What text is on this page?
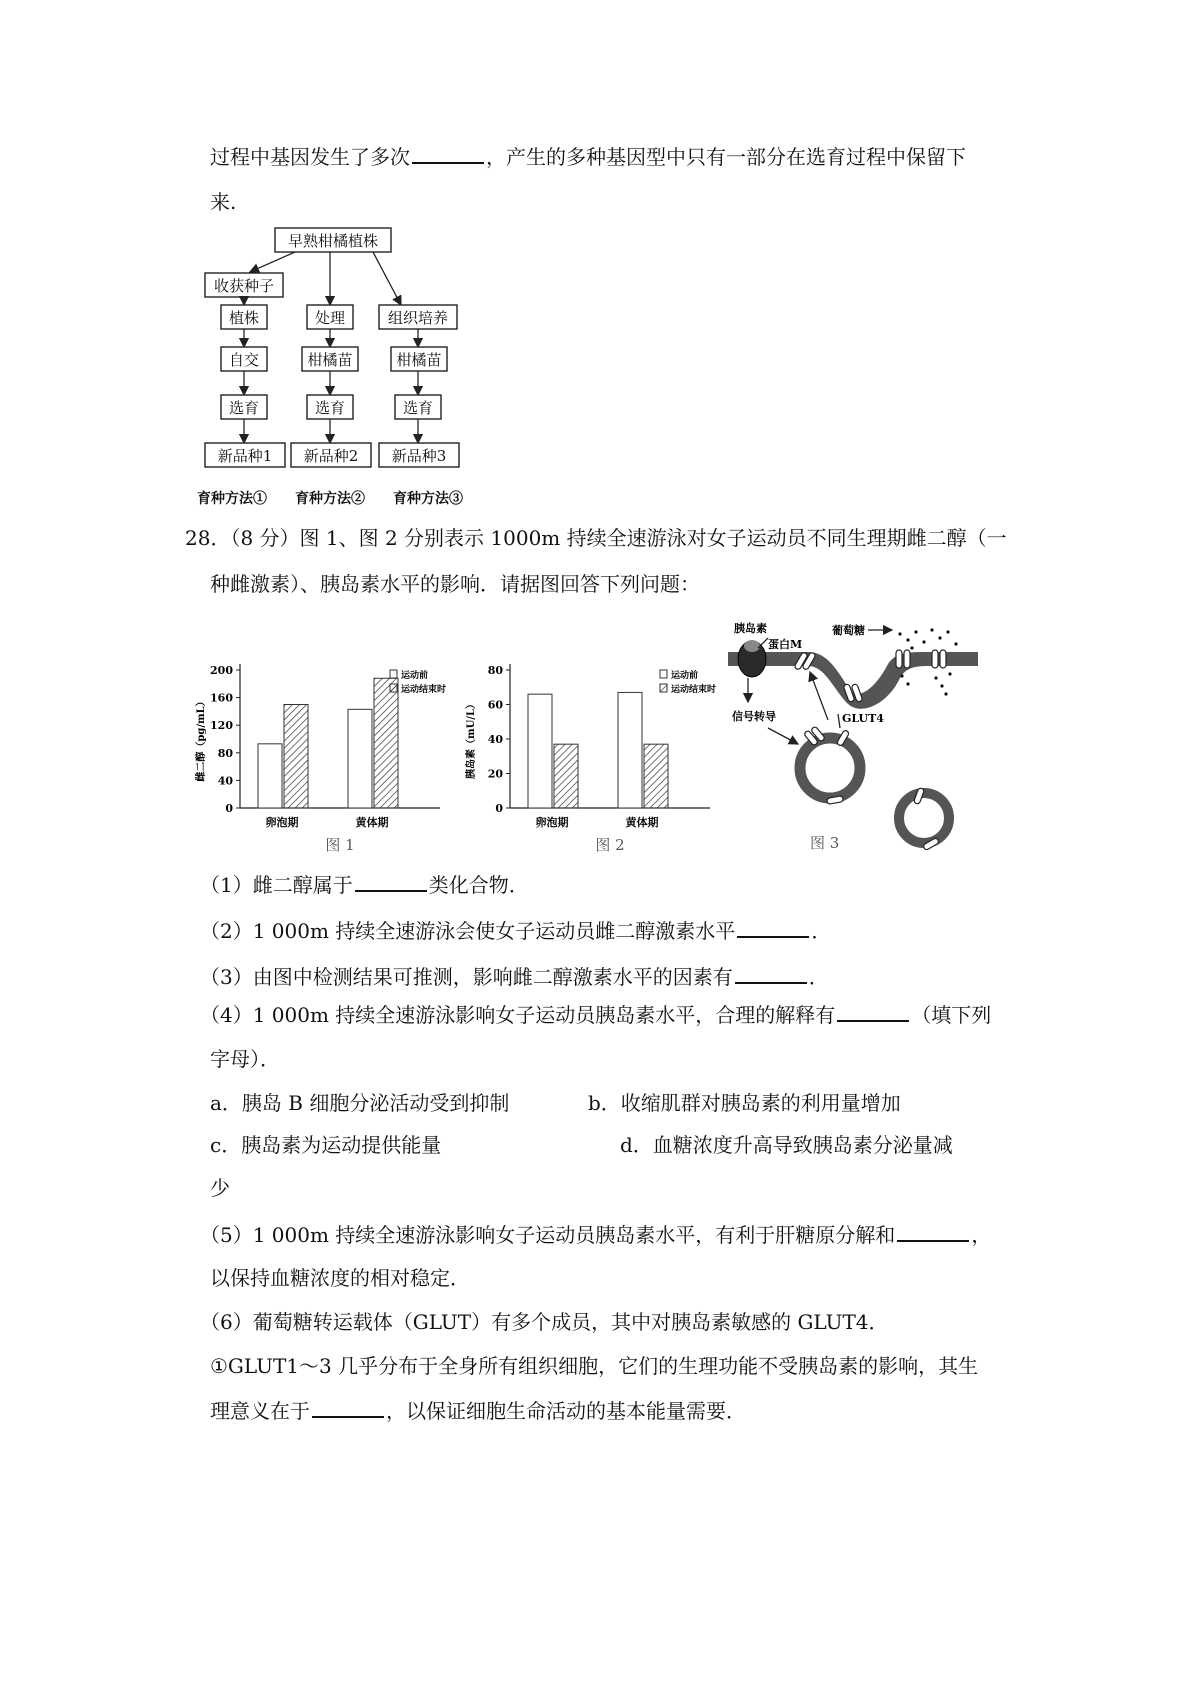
过程中基因发生了多次	，产生的多种基因型中只有一部分在选育过程中保留下
来.
早熟柑橘植株
收获种子
植株
自交
选育
新品种1
处理
柑橘苗
选育
新品种2
组织培养
柑橘苗
选育
新品种3
育种方法① 育种方法② 育种方法③
28．（8 分）图 1、图 2 分别表示 1000m 持续全速游泳对女子运动员不同生理期雌二醇（一
种雌激素）、胰岛素水平的影响．请据图回答下列问题：
0
40
80
120
160
200
雌二醇（pg/mL）
卵泡期	黄体期
运动前
运动结束时
图 1
0
20
40
60
80
胰岛素（mU/L）
卵泡期	黄体期
运动前
运动结束时
图 2
胰岛素
蛋白M
葡萄糖
信号转导	GLUT4
图 3
（1）雌二醇属于	类化合物．
（2）1 000m 持续全速游泳会使女子运动员雌二醇激素水平	．
（3）由图中检测结果可推测，影响雌二醇激素水平的因素有	．
（4）1 000m 持续全速游泳影响女子运动员胰岛素水平，合理的解释有	（填下列
字母）．
a．胰岛 B 细胞分泌活动受到抑制	b．收缩肌群对胰岛素的利用量增加
c．胰岛素为运动提供能量	d．血糖浓度升高导致胰岛素分泌量减
少
（5）1 000m 持续全速游泳影响女子运动员胰岛素水平，有利于肝糖原分解和	，
以保持血糖浓度的相对稳定．
（6）葡萄糖转运载体（GLUT）有多个成员，其中对胰岛素敏感的 GLUT4．
①GLUT1～3 几乎分布于全身所有组织细胞，它们的生理功能不受胰岛素的影响，其生
理意义在于	，以保证细胞生命活动的基本能量需要．
